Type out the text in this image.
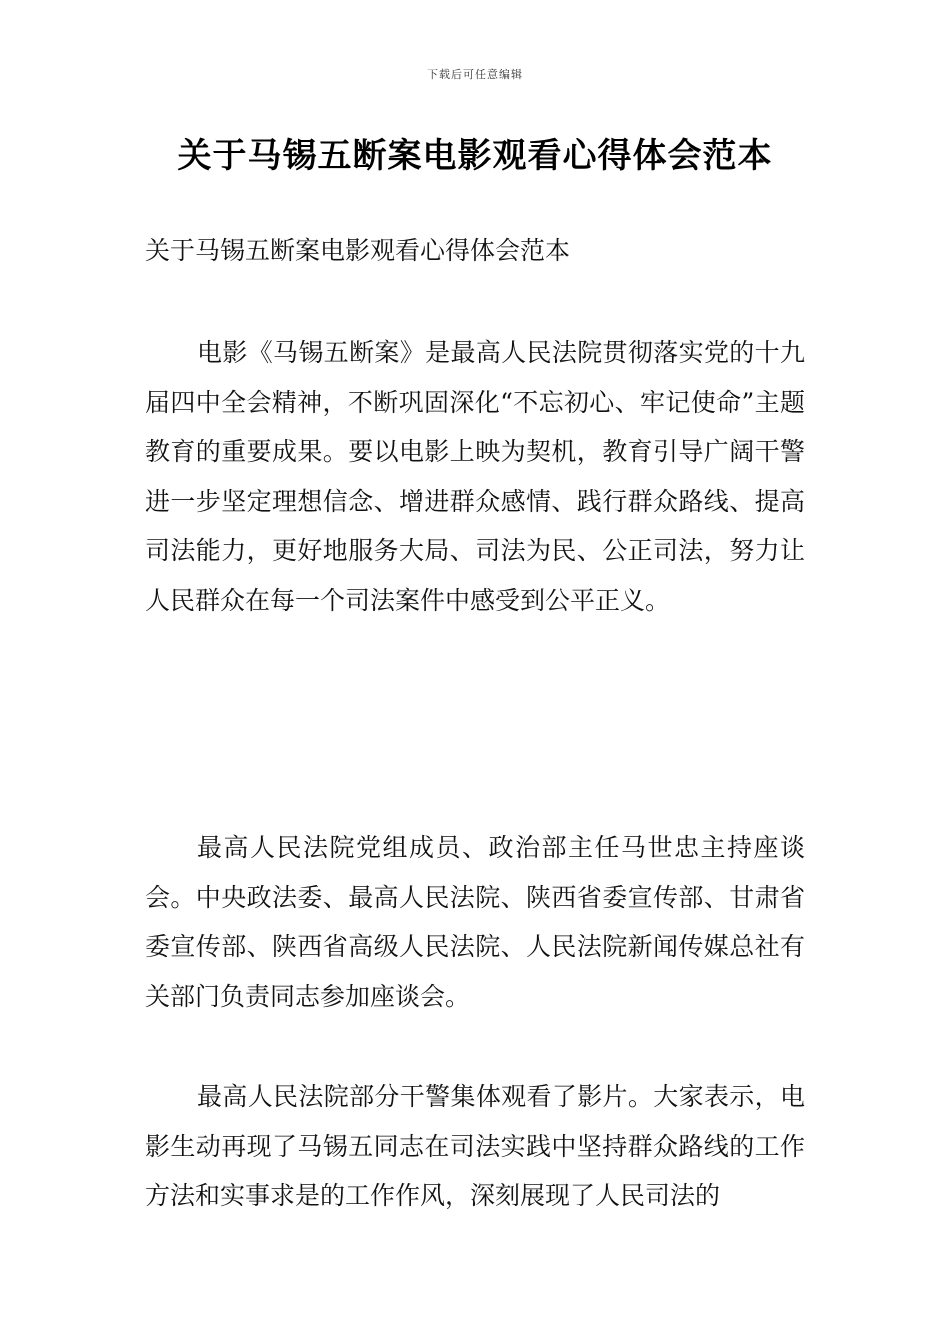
下载后可任意编辑
关于马锡五断案电影观看心得体会范本

关于马锡五断案电影观看心得体会范本

电影《马锡五断案》是最高人民法院贯彻落实党的十九届四中全会精神，不断巩固深化“不忘初心、牢记使命”主题教育的重要成果。要以电影上映为契机，教育引导广阔干警进一步坚定理想信念、增进群众感情、践行群众路线、提高司法能力，更好地服务大局、司法为民、公正司法，努力让人民群众在每一个司法案件中感受到公平正义。

最高人民法院党组成员、政治部主任马世忠主持座谈会。中央政法委、最高人民法院、陕西省委宣传部、甘肃省委宣传部、陕西省高级人民法院、人民法院新闻传媒总社有关部门负责同志参加座谈会。

最高人民法院部分干警集体观看了影片。大家表示，电影生动再现了马锡五同志在司法实践中坚持群众路线的工作方法和实事求是的工作作风，深刻展现了人民司法的
